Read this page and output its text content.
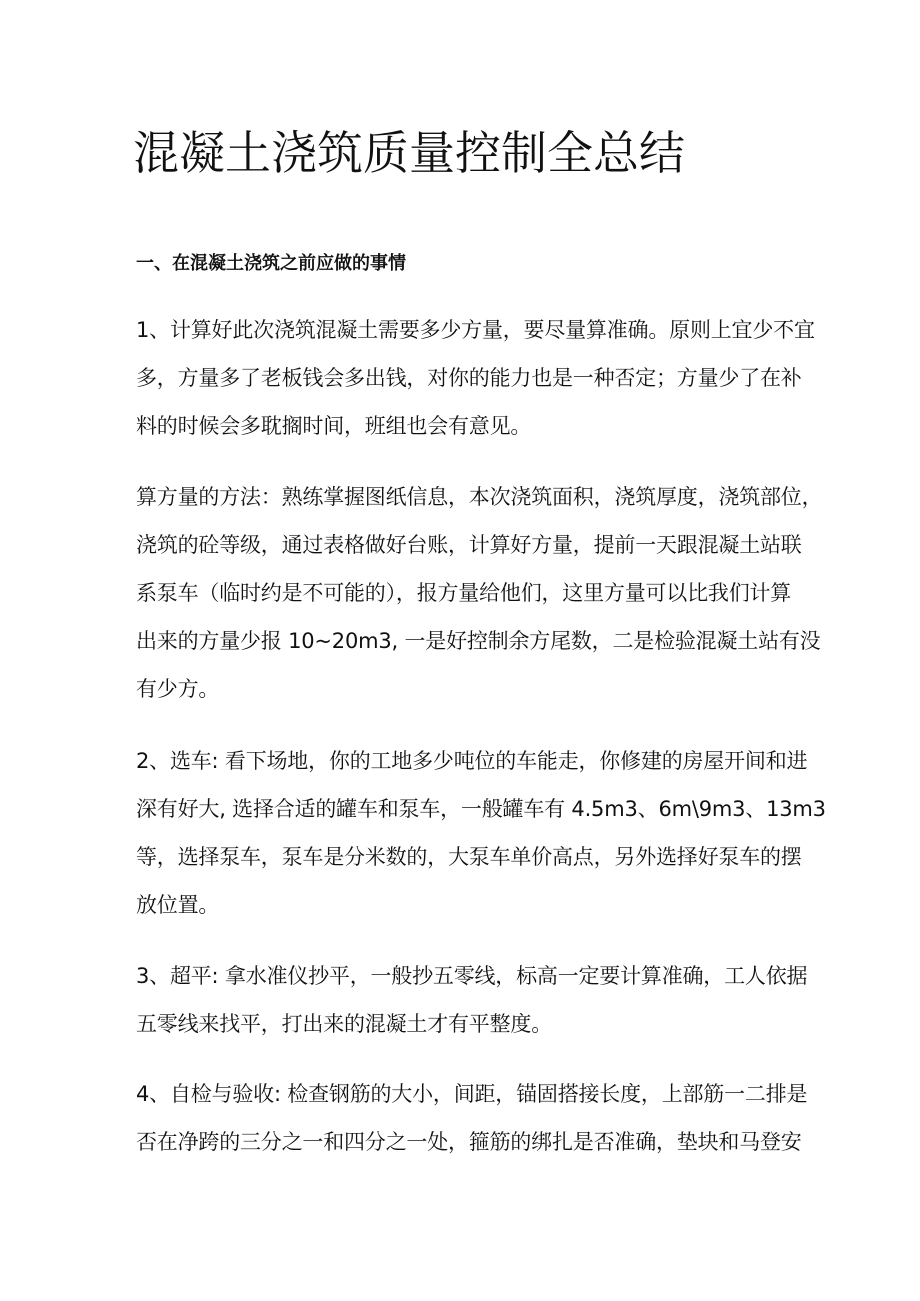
混凝土浇筑质量控制全总结
一、在混凝土浇筑之前应做的事情
1、计算好此次浇筑混凝土需要多少方量，要尽量算准确。原则上宜少不宜
多，方量多了老板钱会多出钱，对你的能力也是一种否定；方量少了在补
料的时候会多耽搁时间，班组也会有意见。
算方量的方法：熟练掌握图纸信息，本次浇筑面积，浇筑厚度，浇筑部位，
浇筑的砼等级，通过表格做好台账，计算好方量，提前一天跟混凝土站联
系泵车（临时约是不可能的），报方量给他们，这里方量可以比我们计算
出来的方量少报 10~20m3, 一是好控制余方尾数，二是检验混凝土站有没
有少方。
2、选车: 看下场地，你的工地多少吨位的车能走，你修建的房屋开间和进
深有好大, 选择合适的罐车和泵车，一般罐车有 4.5m3、6m\9m3、13m3
等，选择泵车，泵车是分米数的，大泵车单价高点，另外选择好泵车的摆
放位置。
3、超平: 拿水准仪抄平，一般抄五零线，标高一定要计算准确，工人依据
五零线来找平，打出来的混凝土才有平整度。
4、自检与验收: 检查钢筋的大小，间距，锚固搭接长度，上部筋一二排是
否在净跨的三分之一和四分之一处，箍筋的绑扎是否准确，垫块和马登安
